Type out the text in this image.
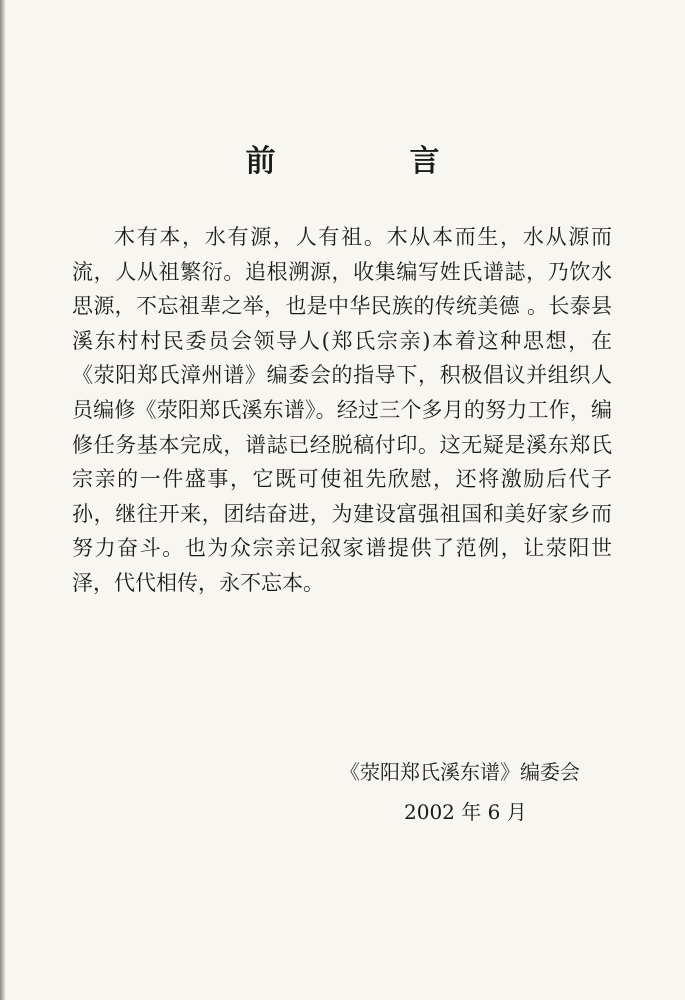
前　言

木有本，水有源，人有祖。木从本而生，水从源而流，人从祖繁衍。追根溯源，收集编写姓氏谱誌，乃饮水思源，不忘祖辈之举，也是中华民族的传统美德 。长泰县溪东村村民委员会领导人(郑氏宗亲)本着这种思想，在《荥阳郑氏漳州谱》编委会的指导下，积极倡议并组织人员编修《荥阳郑氏溪东谱》。经过三个多月的努力工作，编修任务基本完成，谱誌已经脱稿付印。这无疑是溪东郑氏宗亲的一件盛事，它既可使祖先欣慰，还将激励后代子孙，继往开来，团结奋进，为建设富强祖国和美好家乡而努力奋斗。也为众宗亲记叙家谱提供了范例，让荥阳世泽，代代相传，永不忘本。

《荥阳郑氏溪东谱》编委会
2002 年 6 月
